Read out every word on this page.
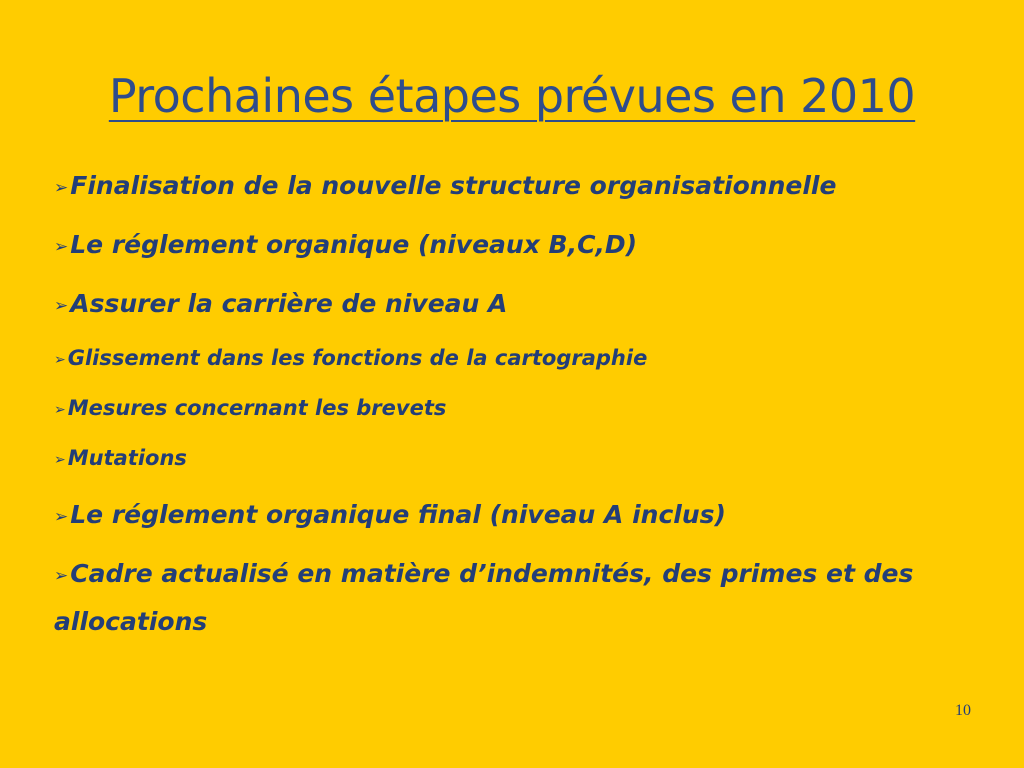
Prochaines étapes prévues en 2010
➢Finalisation de la nouvelle structure organisationnelle
➢Le réglement organique (niveaux B,C,D)
➢Assurer la carrière de niveau A
➢Glissement dans les fonctions de la cartographie
➢Mesures concernant les brevets
➢Mutations
➢Le réglement organique final (niveau A inclus)
➢Cadre actualisé en matière d’indemnités, des primes et des allocations
10
